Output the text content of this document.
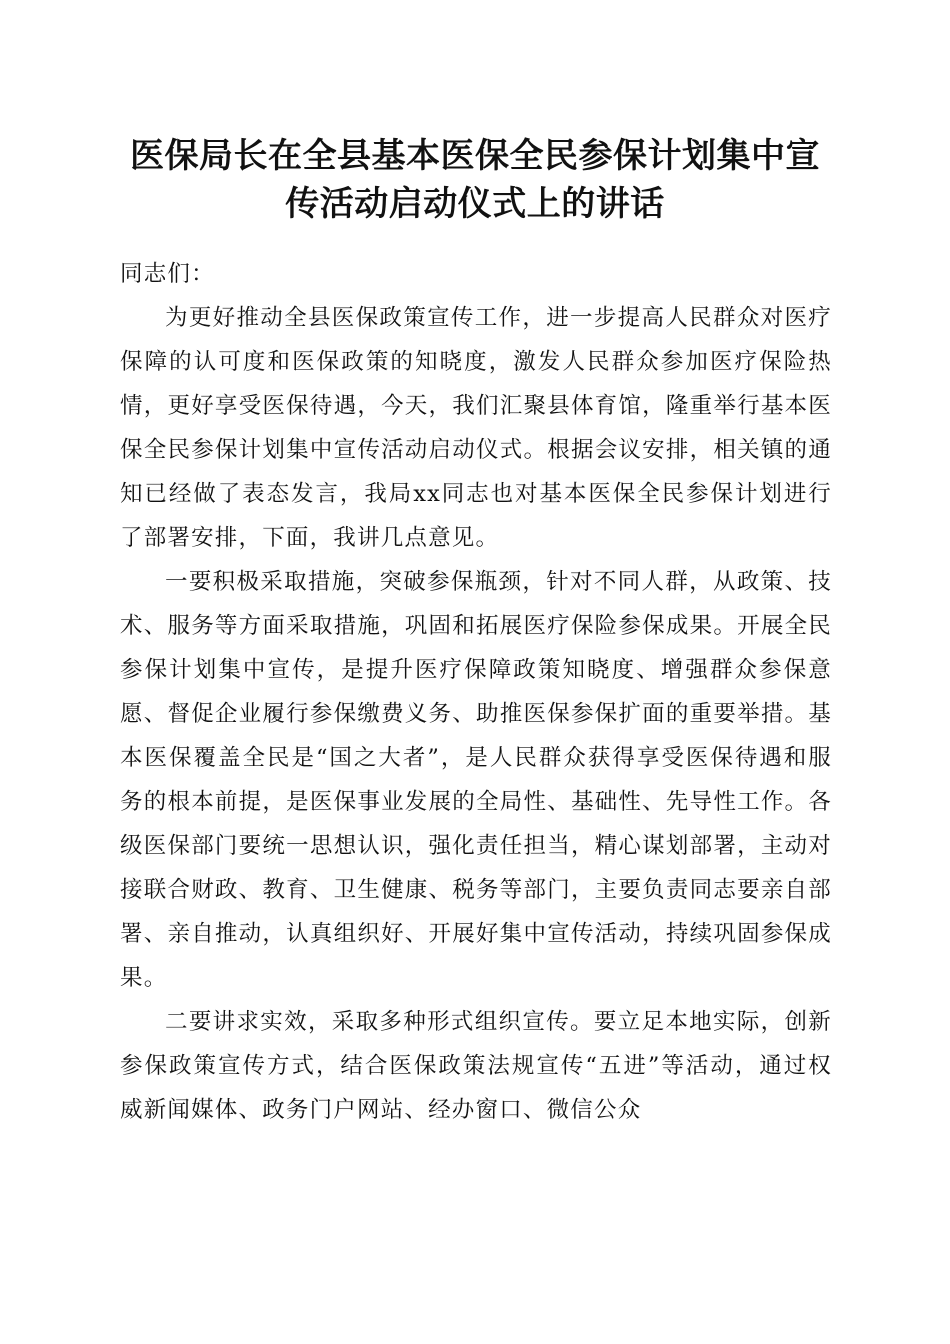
医保局长在全县基本医保全民参保计划集中宣
传活动启动仪式上的讲话

同志们：

为更好推动全县医保政策宣传工作，进一步提高人民群众对医疗保障的认可度和医保政策的知晓度，激发人民群众参加医疗保险热情，更好享受医保待遇，今天，我们汇聚县体育馆，隆重举行基本医保全民参保计划集中宣传活动启动仪式。根据会议安排，相关镇的通知已经做了表态发言，我局xx同志也对基本医保全民参保计划进行了部署安排，下面，我讲几点意见。

一要积极采取措施，突破参保瓶颈，针对不同人群，从政策、技术、服务等方面采取措施，巩固和拓展医疗保险参保成果。开展全民参保计划集中宣传，是提升医疗保障政策知晓度、增强群众参保意愿、督促企业履行参保缴费义务、助推医保参保扩面的重要举措。基本医保覆盖全民是“国之大者”，是人民群众获得享受医保待遇和服务的根本前提，是医保事业发展的全局性、基础性、先导性工作。各级医保部门要统一思想认识，强化责任担当，精心谋划部署，主动对接联合财政、教育、卫生健康、税务等部门，主要负责同志要亲自部署、亲自推动，认真组织好、开展好集中宣传活动，持续巩固参保成果。

二要讲求实效，采取多种形式组织宣传。要立足本地实际，创新参保政策宣传方式，结合医保政策法规宣传“五进”等活动，通过权威新闻媒体、政务门户网站、经办窗口、微信公众
